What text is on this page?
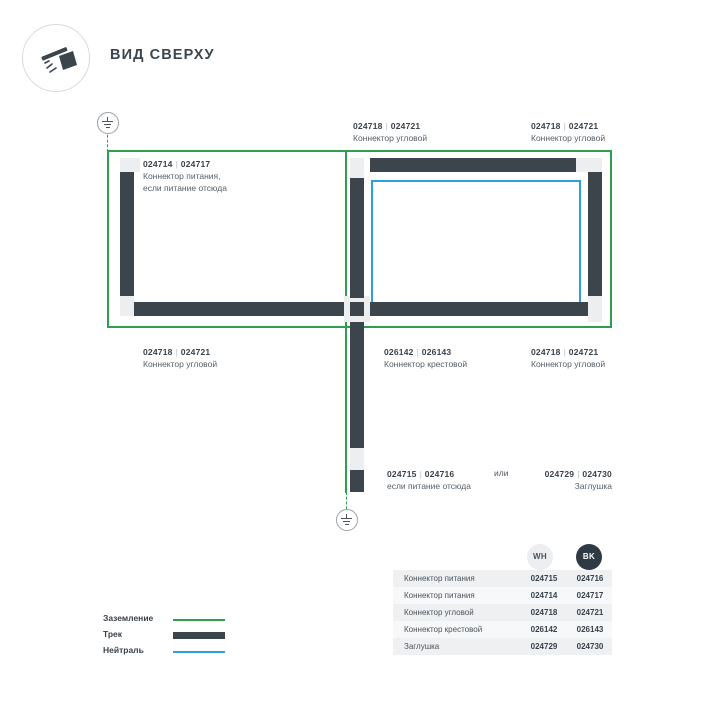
ВИД СВЕРХУ
024714 | 024717
Коннектор питания,
если питание отсюда
024718 | 024721
Коннектор угловой
024718 | 024721
Коннектор угловой
024718 | 024721
Коннектор угловой
026142 | 026143
Коннектор крестовой
024718 | 024721
Коннектор угловой
024715 | 024716
если питание отсюда
или	024729 | 024730
Заглушка
Заземление
Трек
Нейтраль
WH	BK
Коннектор питания	024715	024716
Коннектор питания	024714	024717
Коннектор угловой	024718	024721
Коннектор крестовой	026142	026143
Заглушка	024729	024730
